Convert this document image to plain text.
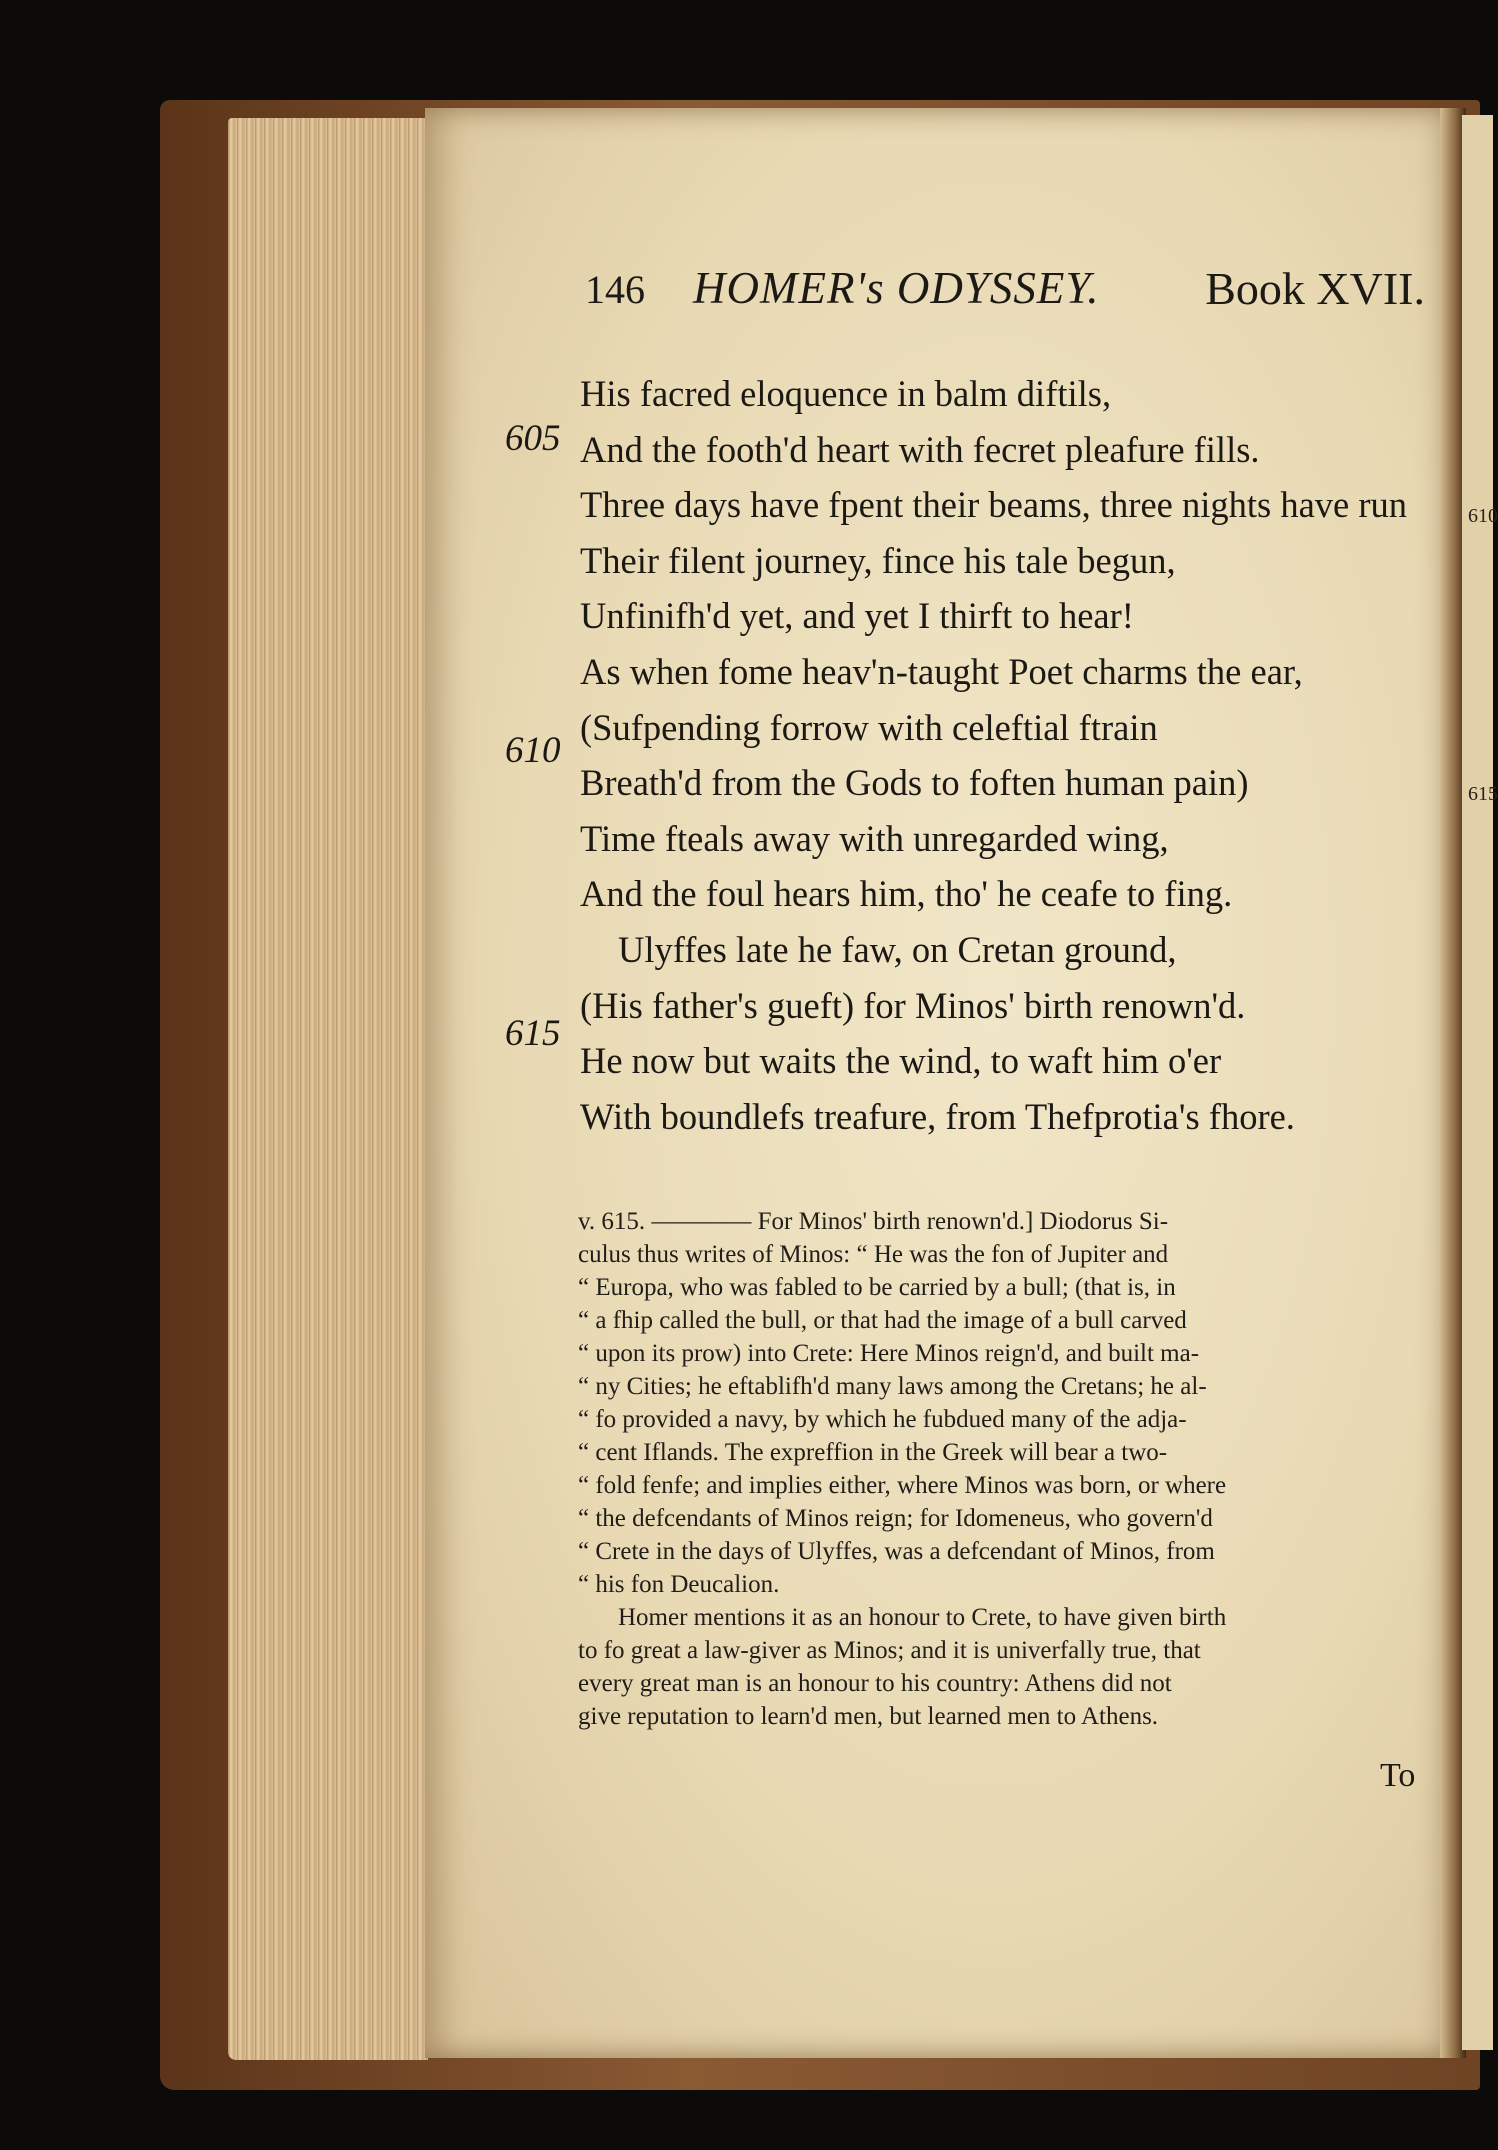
610
615
146 HOMER's ODYSSEY. Book XVII.
His facred eloquence in balm diftils,
And the footh'd heart with fecret pleafure fills.
Three days have fpent their beams, three nights have run
Their filent journey, fince his tale begun,
Unfinifh'd yet, and yet I thirft to hear!
As when fome heav'n-taught Poet charms the ear,
(Sufpending forrow with celeftial ftrain
Breath'd from the Gods to foften human pain)
Time fteals away with unregarded wing,
And the foul hears him, tho' he ceafe to fing.
Ulyffes late he faw, on Cretan ground,
(His father's gueft) for Minos' birth renown'd.
He now but waits the wind, to waft him o'er
With boundlefs treafure, from Thefprotia's fhore.
605
610
615
v. 615. ———— For Minos' birth renown'd.] Diodorus Si-
culus thus writes of Minos: “ He was the fon of Jupiter and
“ Europa, who was fabled to be carried by a bull; (that is, in
“ a fhip called the bull, or that had the image of a bull carved
“ upon its prow) into Crete: Here Minos reign'd, and built ma-
“ ny Cities; he eftablifh'd many laws among the Cretans; he al-
“ fo provided a navy, by which he fubdued many of the adja-
“ cent Iflands. The expreffion in the Greek will bear a two-
“ fold fenfe; and implies either, where Minos was born, or where
“ the defcendants of Minos reign; for Idomeneus, who govern'd
“ Crete in the days of Ulyffes, was a defcendant of Minos, from
“ his fon Deucalion.
Homer mentions it as an honour to Crete, to have given birth
to fo great a law-giver as Minos; and it is univerfally true, that
every great man is an honour to his country: Athens did not
give reputation to learn'd men, but learned men to Athens.
To
